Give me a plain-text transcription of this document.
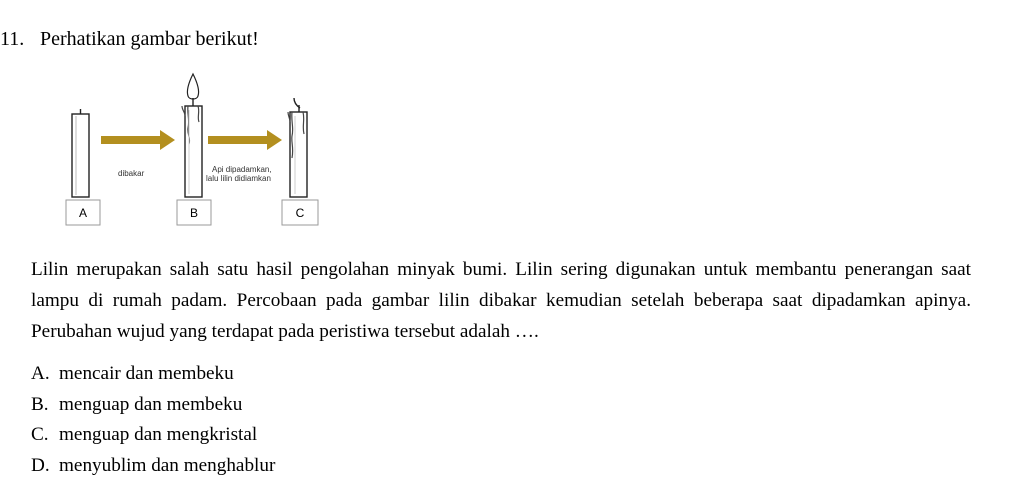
11. Perhatikan gambar berikut!
dibakar	Api dipadamkan,
lalu lilin didiamkan
A	B	C
Lilin merupakan salah satu hasil pengolahan minyak bumi. Lilin sering digunakan untuk membantu penerangan saat lampu di rumah padam. Percobaan pada gambar lilin dibakar kemudian setelah beberapa saat dipadamkan apinya. Perubahan wujud yang terdapat pada peristiwa tersebut adalah ….
A. mencair dan membeku
B. menguap dan membeku
C. menguap dan mengkristal
D. menyublim dan menghablur
